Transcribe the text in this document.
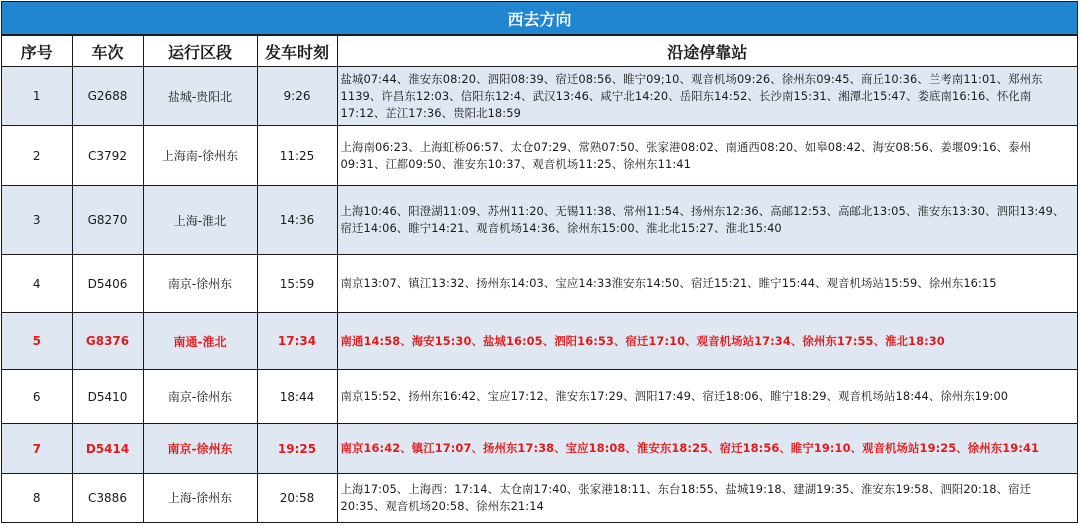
西去方向
序号	车次	运行区段	发车时刻	沿途停靠站
1	G2688	盐城-贵阳北	9:26	盐城07:44、淮安东08:20、泗阳08:39、宿迁08:56、睢宁09;10、观音机场09:26、徐州东09:45、商丘10:36、兰考南11:01、郑州东1139、许昌东12:03、信阳东12:4、武汉13:46、咸宁北14:20、岳阳东14:52、长沙南15:31、湘潭北15:47、娄底南16:16、怀化南17:12、芷江17:36、贵阳北18:59
2	C3792	上海南-徐州东	11:25	上海南06:23、上海虹桥06:57、太仓07:29、常熟07:50、张家港08:02、南通西08:20、如皋08:42、海安08:56、姜堰09:16、泰州09:31、江都09:50、淮安东10:37、观音机场11:25、徐州东11:41
3	G8270	上海-淮北	14:36	上海10:46、阳澄湖11:09、苏州11:20、无锡11:38、常州11:54、扬州东12:36、高邮12:53、高邮北13:05、淮安东13:30、泗阳13:49、宿迁14:06、睢宁14:21、观音机场14:36、徐州东15:00、淮北北15:27、淮北15:40
4	D5406	南京-徐州东	15:59	南京13:07、镇江13:32、扬州东14:03、宝应14:33淮安东14:50、宿迁15:21、睢宁15:44、观音机场站15:59、徐州东16:15
5	G8376	南通-淮北	17:34	南通14:58、海安15:30、盐城16:05、泗阳16:53、宿迁17:10、观音机场站17:34、徐州东17:55、淮北18:30
6	D5410	南京-徐州东	18:44	南京15:52、扬州东16:42、宝应17:12、淮安东17:29、泗阳17:49、宿迁18:06、睢宁18:29、观音机场站18:44、徐州东19:00
7	D5414	南京-徐州东	19:25	南京16:42、镇江17:07、扬州东17:38、宝应18:08、淮安东18:25、宿迁18:56、睢宁19:10、观音机场站19:25、徐州东19:41
8	C3886	上海-徐州东	20:58	上海17:05、上海西：17:14、太仓南17:40、张家港18:11、东台18:55、盐城19:18、建湖19:35、淮安东19:58、泗阳20:18、宿迁20:35、观音机场20:58、徐州东21:14
